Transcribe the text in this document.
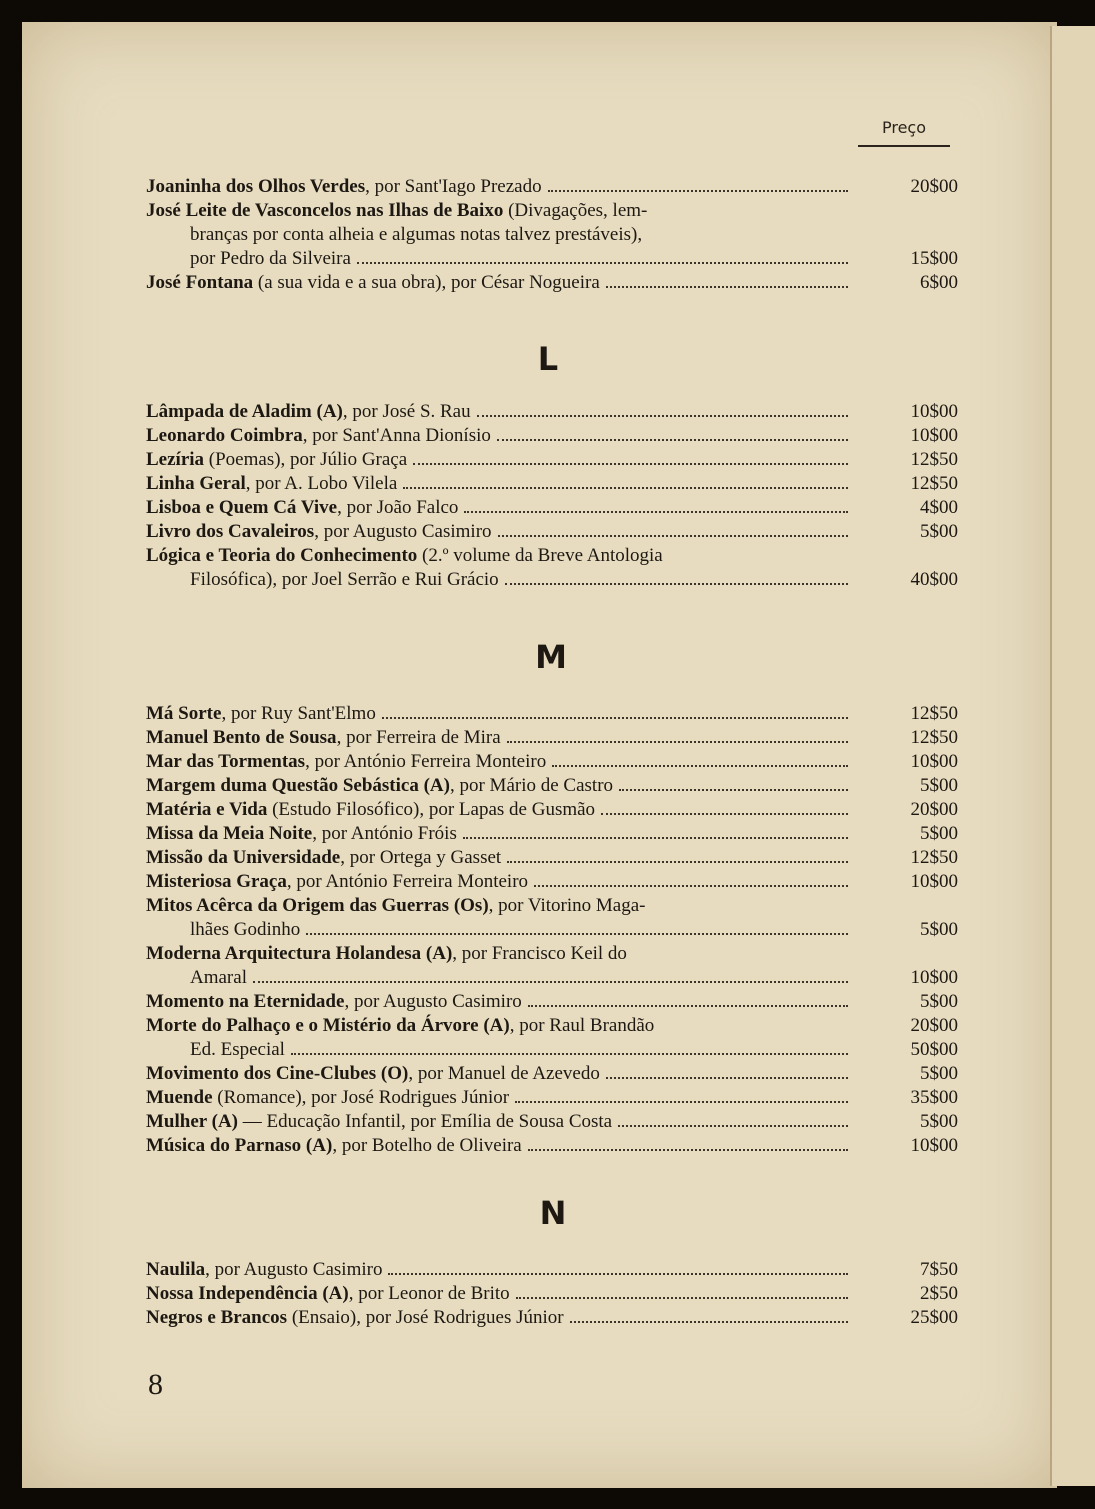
Preço
Joaninha dos Olhos Verdes, por Sant'Iago Prezado	20$00
José Leite de Vasconcelos nas Ilhas de Baixo (Divagações, lem-
branças por conta alheia e algumas notas talvez prestáveis),
por Pedro da Silveira	15$00
José Fontana (a sua vida e a sua obra), por César Nogueira	6$00
L
Lâmpada de Aladim (A), por José S. Rau	10$00
Leonardo Coimbra, por Sant'Anna Dionísio	10$00
Lezíria (Poemas), por Júlio Graça	12$50
Linha Geral, por A. Lobo Vilela	12$50
Lisboa e Quem Cá Vive, por João Falco	4$00
Livro dos Cavaleiros, por Augusto Casimiro	5$00
Lógica e Teoria do Conhecimento (2.º volume da Breve Antologia
Filosófica), por Joel Serrão e Rui Grácio	40$00
M
Má Sorte, por Ruy Sant'Elmo	12$50
Manuel Bento de Sousa, por Ferreira de Mira	12$50
Mar das Tormentas, por António Ferreira Monteiro	10$00
Margem duma Questão Sebástica (A), por Mário de Castro	5$00
Matéria e Vida (Estudo Filosófico), por Lapas de Gusmão	20$00
Missa da Meia Noite, por António Fróis	5$00
Missão da Universidade, por Ortega y Gasset	12$50
Misteriosa Graça, por António Ferreira Monteiro	10$00
Mitos Acêrca da Origem das Guerras (Os), por Vitorino Maga-
lhães Godinho	5$00
Moderna Arquitectura Holandesa (A), por Francisco Keil do
Amaral	10$00
Momento na Eternidade, por Augusto Casimiro	5$00
Morte do Palhaço e o Mistério da Árvore (A), por Raul Brandão	20$00
Ed. Especial	50$00
Movimento dos Cine-Clubes (O), por Manuel de Azevedo	5$00
Muende (Romance), por José Rodrigues Júnior	35$00
Mulher (A) — Educação Infantil, por Emília de Sousa Costa	5$00
Música do Parnaso (A), por Botelho de Oliveira	10$00
N
Naulila, por Augusto Casimiro	7$50
Nossa Independência (A), por Leonor de Brito	2$50
Negros e Brancos (Ensaio), por José Rodrigues Júnior	25$00
8
